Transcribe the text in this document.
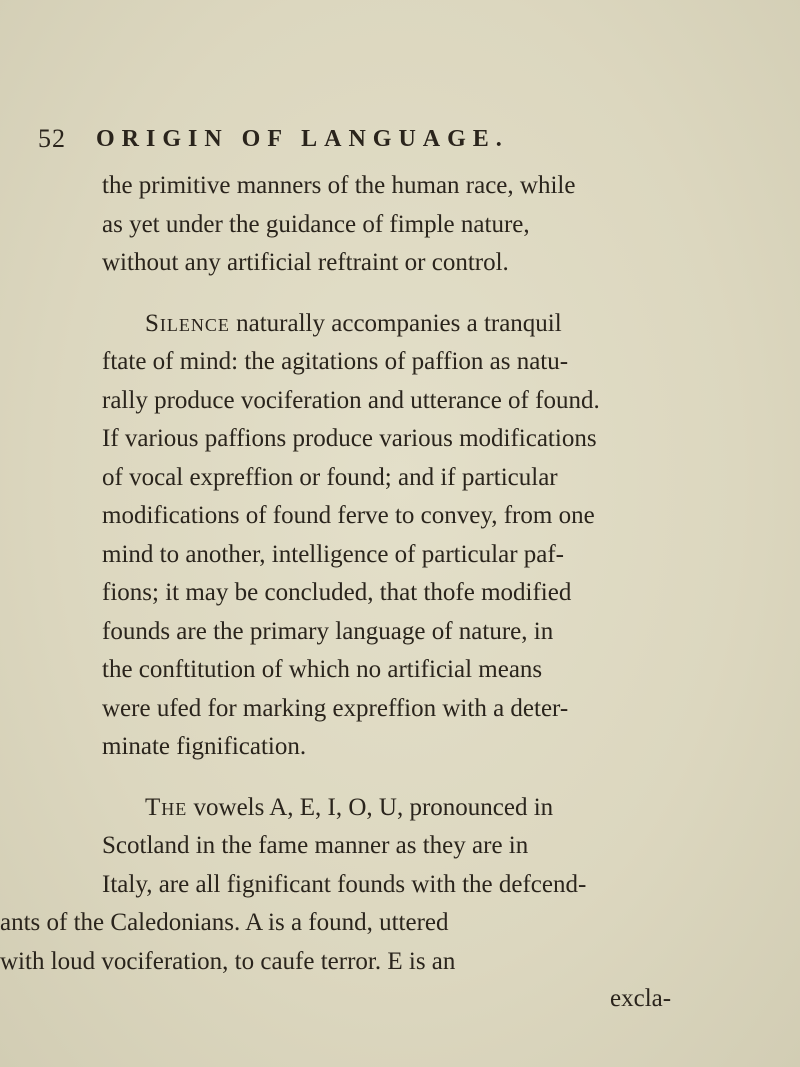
52 ORIGIN OF LANGUAGE.
the primitive manners of the human race, while
as yet under the guidance of fimple nature,
without any artificial reftraint or control.
Silence naturally accompanies a tranquil
ftate of mind: the agitations of paffion as natu-
rally produce vociferation and utterance of found.
If various paffions produce various modifications
of vocal expreffion or found; and if particular
modifications of found ferve to convey, from one
mind to another, intelligence of particular paf-
fions; it may be concluded, that thofe modified
founds are the primary language of nature, in
the conftitution of which no artificial means
were ufed for marking expreffion with a deter-
minate fignification.
The vowels A, E, I, O, U, pronounced in
Scotland in the fame manner as they are in
Italy, are all fignificant founds with the defcend-
ants of the Caledonians. A is a found, uttered
with loud vociferation, to caufe terror. E is an
excla-
